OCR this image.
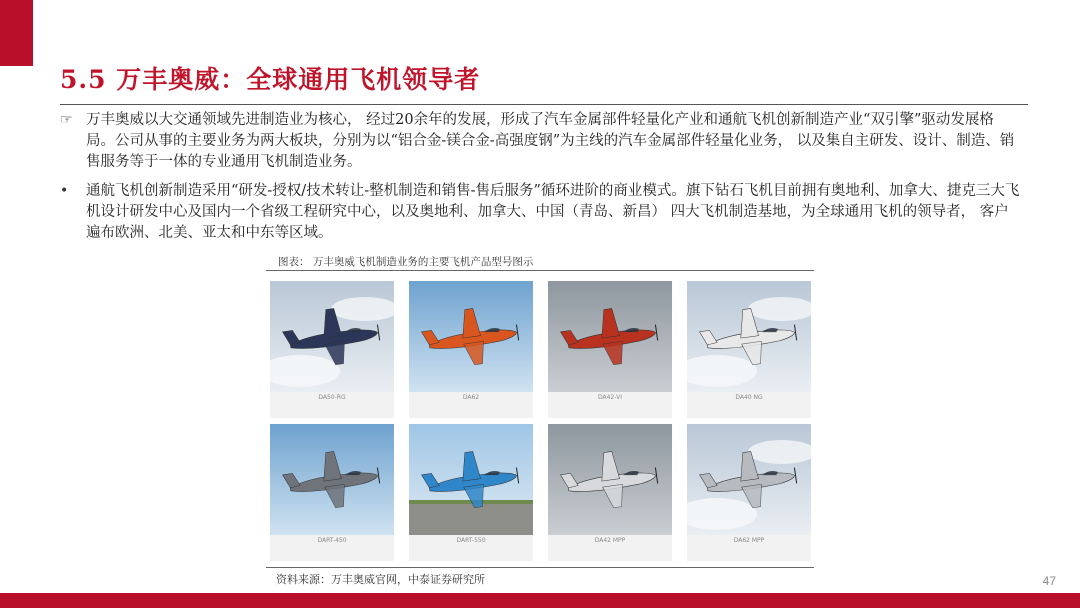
5.5 万丰奥威：全球通用飞机领导者

☞ 万丰奥威以大交通领域先进制造业为核心， 经过20余年的发展，形成了汽车金属部件轻量化产业和通航飞机创新制造产业“双引擎”驱动发展格局。公司从事的主要业务为两大板块，分别为以“铝合金-镁合金-高强度钢”为主线的汽车金属部件轻量化业务， 以及集自主研发、设计、制造、销售服务等于一体的专业通用飞机制造业务。

• 通航飞机创新制造采用“研发-授权/技术转让-整机制造和销售-售后服务”循环进阶的商业模式。旗下钻石飞机目前拥有奥地利、加拿大、捷克三大飞机设计研发中心及国内一个省级工程研究中心，以及奥地利、加拿大、中国（青岛、新昌） 四大飞机制造基地，为全球通用飞机的领导者， 客户遍布欧洲、北美、亚太和中东等区域。

图表： 万丰奥威飞机制造业务的主要飞机产品型号图示
DA50-RG	DA62	DA42-VI	DA40 NG
DART-450	DART-550	DA42 MPP	DA62 MPP
资料来源：万丰奥威官网，中泰证券研究所	47
